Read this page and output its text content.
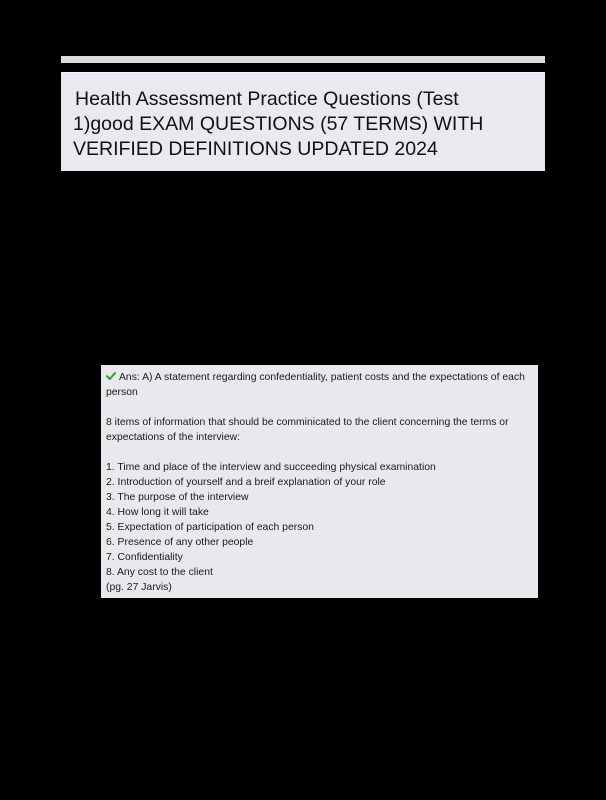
Health Assessment Practice Questions (Test
1)good EXAM QUESTIONS (57 TERMS) WITH
VERIFIED DEFINITIONS UPDATED 2024

Ans: A) A statement regarding confedentiality, patient costs and the expectations of each person

8 items of information that should be comminicated to the client concerning the terms or expectations of the interview:

1. Time and place of the interview and succeeding physical examination
2. Introduction of yourself and a breif explanation of your role
3. The purpose of the interview
4. How long it will take
5. Expectation of participation of each person
6. Presence of any other people
7. Confidentiality
8. Any cost to the client
(pg. 27 Jarvis)
